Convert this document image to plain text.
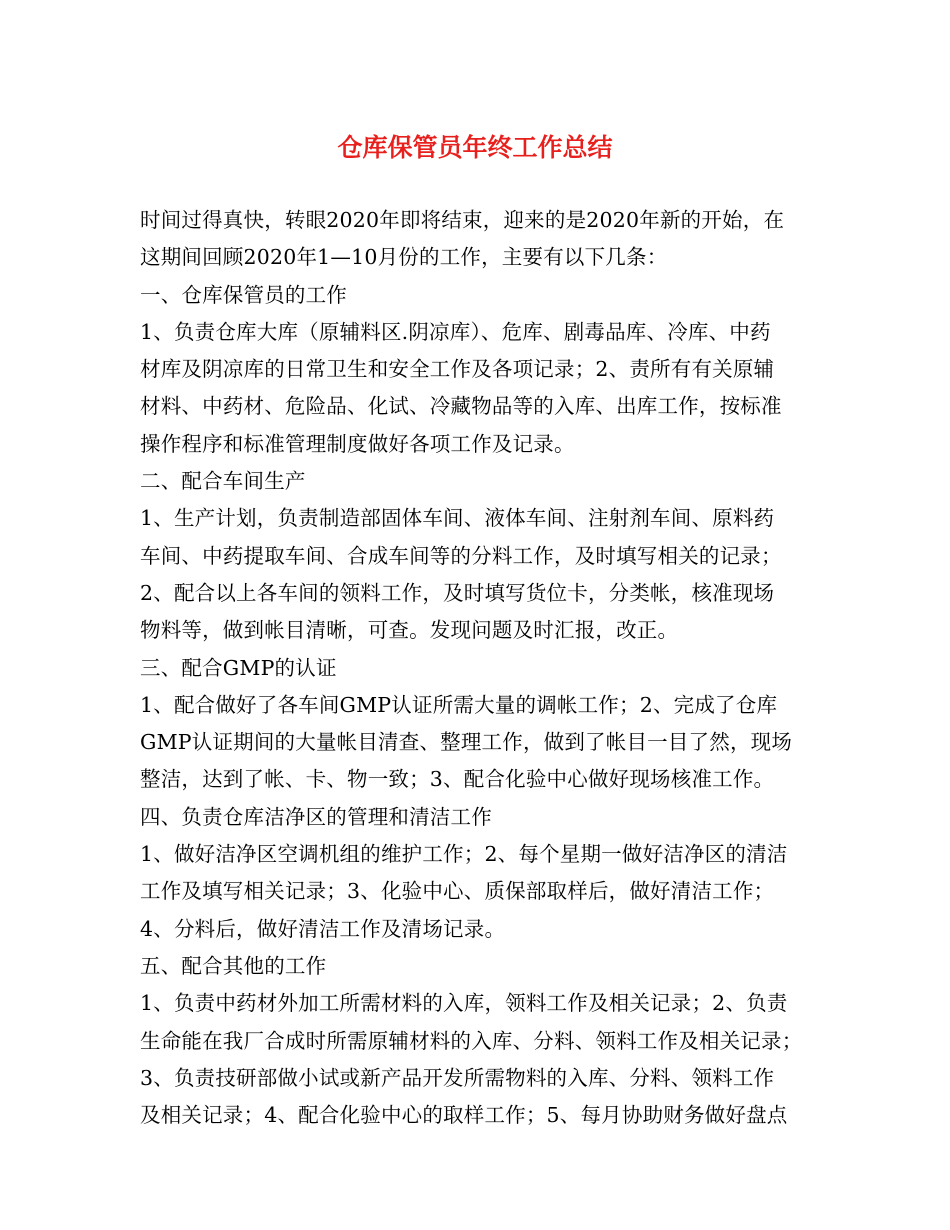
仓库保管员年终工作总结
时间过得真快，转眼2020年即将结束，迎来的是2020年新的开始，在
这期间回顾2020年1—10月份的工作，主要有以下几条：
一、仓库保管员的工作
1、负责仓库大库（原辅料区.阴凉库）、危库、剧毒品库、冷库、中药
材库及阴凉库的日常卫生和安全工作及各项记录；2、责所有有关原辅
材料、中药材、危险品、化试、冷藏物品等的入库、出库工作，按标准
操作程序和标准管理制度做好各项工作及记录。
二、配合车间生产
1、生产计划，负责制造部固体车间、液体车间、注射剂车间、原料药
车间、中药提取车间、合成车间等的分料工作，及时填写相关的记录；
2、配合以上各车间的领料工作，及时填写货位卡，分类帐，核准现场
物料等，做到帐目清晰，可查。发现问题及时汇报，改正。
三、配合GMP的认证
1、配合做好了各车间GMP认证所需大量的调帐工作；2、完成了仓库
GMP认证期间的大量帐目清查、整理工作，做到了帐目一目了然，现场
整洁，达到了帐、卡、物一致；3、配合化验中心做好现场核准工作。
四、负责仓库洁净区的管理和清洁工作
1、做好洁净区空调机组的维护工作；2、每个星期一做好洁净区的清洁
工作及填写相关记录；3、化验中心、质保部取样后，做好清洁工作；
4、分料后，做好清洁工作及清场记录。
五、配合其他的工作
1、负责中药材外加工所需材料的入库，领料工作及相关记录；2、负责
生命能在我厂合成时所需原辅材料的入库、分料、领料工作及相关记录；
3、负责技研部做小试或新产品开发所需物料的入库、分料、领料工作
及相关记录；4、配合化验中心的取样工作；5、每月协助财务做好盘点
